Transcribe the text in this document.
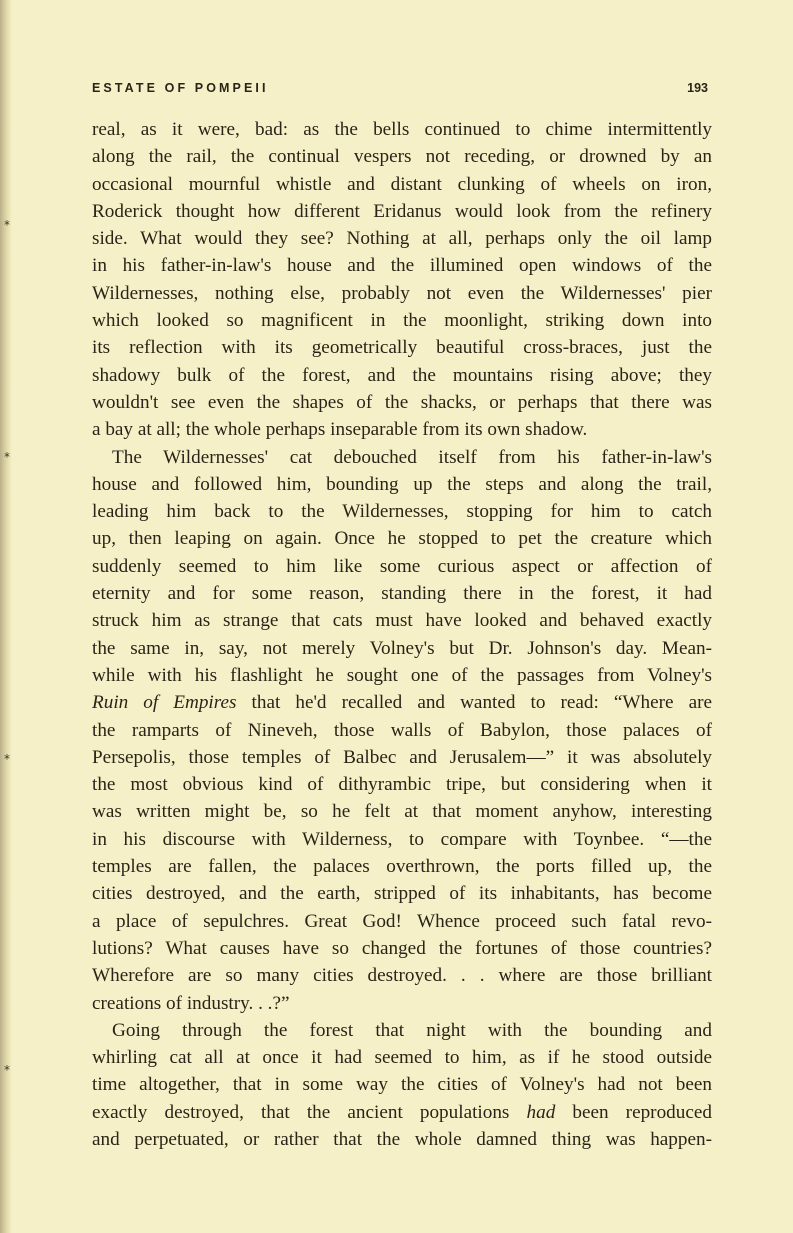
*
*
*
*
ESTATE OF POMPEII	193
real, as it were, bad: as the bells continued to chime intermittently
along the rail, the continual vespers not receding, or drowned by an
occasional mournful whistle and distant clunking of wheels on iron,
Roderick thought how different Eridanus would look from the refinery
side. What would they see? Nothing at all, perhaps only the oil lamp
in his father-in-law's house and the illumined open windows of the
Wildernesses, nothing else, probably not even the Wildernesses' pier
which looked so magnificent in the moonlight, striking down into
its reflection with its geometrically beautiful cross-braces, just the
shadowy bulk of the forest, and the mountains rising above; they
wouldn't see even the shapes of the shacks, or perhaps that there was
a bay at all; the whole perhaps inseparable from its own shadow.
The Wildernesses' cat debouched itself from his father-in-law's
house and followed him, bounding up the steps and along the trail,
leading him back to the Wildernesses, stopping for him to catch
up, then leaping on again. Once he stopped to pet the creature which
suddenly seemed to him like some curious aspect or affection of
eternity and for some reason, standing there in the forest, it had
struck him as strange that cats must have looked and behaved exactly
the same in, say, not merely Volney's but Dr. Johnson's day. Mean-
while with his flashlight he sought one of the passages from Volney's
Ruin of Empires that he'd recalled and wanted to read: “Where are
the ramparts of Nineveh, those walls of Babylon, those palaces of
Persepolis, those temples of Balbec and Jerusalem—” it was absolutely
the most obvious kind of dithyrambic tripe, but considering when it
was written might be, so he felt at that moment anyhow, interesting
in his discourse with Wilderness, to compare with Toynbee. “—the
temples are fallen, the palaces overthrown, the ports filled up, the
cities destroyed, and the earth, stripped of its inhabitants, has become
a place of sepulchres. Great God! Whence proceed such fatal revo-
lutions? What causes have so changed the fortunes of those countries?
Wherefore are so many cities destroyed. . . where are those brilliant
creations of industry. . .?”
Going through the forest that night with the bounding and
whirling cat all at once it had seemed to him, as if he stood outside
time altogether, that in some way the cities of Volney's had not been
exactly destroyed, that the ancient populations had been reproduced
and perpetuated, or rather that the whole damned thing was happen-
